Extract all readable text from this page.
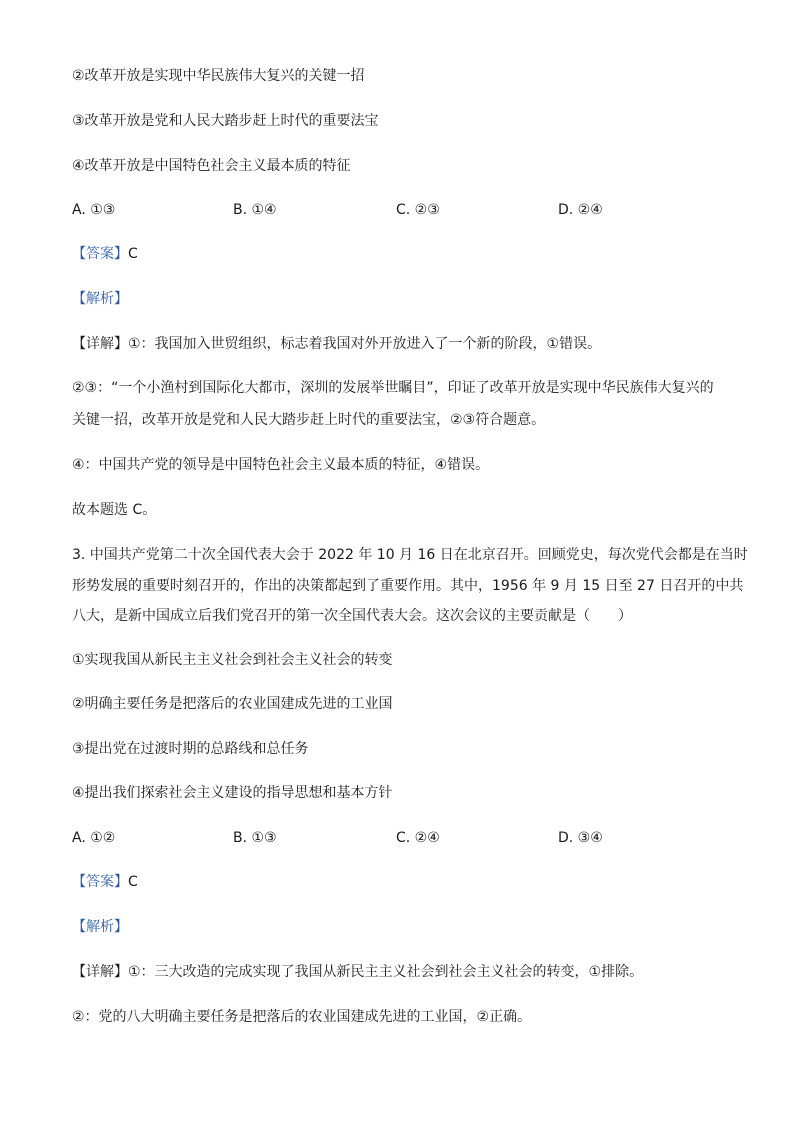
②改革开放是实现中华民族伟大复兴的关键一招
③改革开放是党和人民大踏步赶上时代的重要法宝
④改革开放是中国特色社会主义最本质的特征
A. ①③	B. ①④	C. ②③	D. ②④
【答案】C
【解析】
【详解】①：我国加入世贸组织，标志着我国对外开放进入了一个新的阶段，①错误。
②③：“一个小渔村到国际化大都市，深圳的发展举世瞩目”，印证了改革开放是实现中华民族伟大复兴的
关键一招，改革开放是党和人民大踏步赶上时代的重要法宝，②③符合题意。
④：中国共产党的领导是中国特色社会主义最本质的特征，④错误。
故本题选 C。
3. 中国共产党第二十次全国代表大会于 2022 年 10 月 16 日在北京召开。回顾党史，每次党代会都是在当时
形势发展的重要时刻召开的，作出的决策都起到了重要作用。其中，1956 年 9 月 15 日至 27 日召开的中共
八大，是新中国成立后我们党召开的第一次全国代表大会。这次会议的主要贡献是（　　）
①实现我国从新民主主义社会到社会主义社会的转变
②明确主要任务是把落后的农业国建成先进的工业国
③提出党在过渡时期的总路线和总任务
④提出我们探索社会主义建设的指导思想和基本方针
A. ①②	B. ①③	C. ②④	D. ③④
【答案】C
【解析】
【详解】①：三大改造的完成实现了我国从新民主主义社会到社会主义社会的转变，①排除。
②：党的八大明确主要任务是把落后的农业国建成先进的工业国，②正确。
